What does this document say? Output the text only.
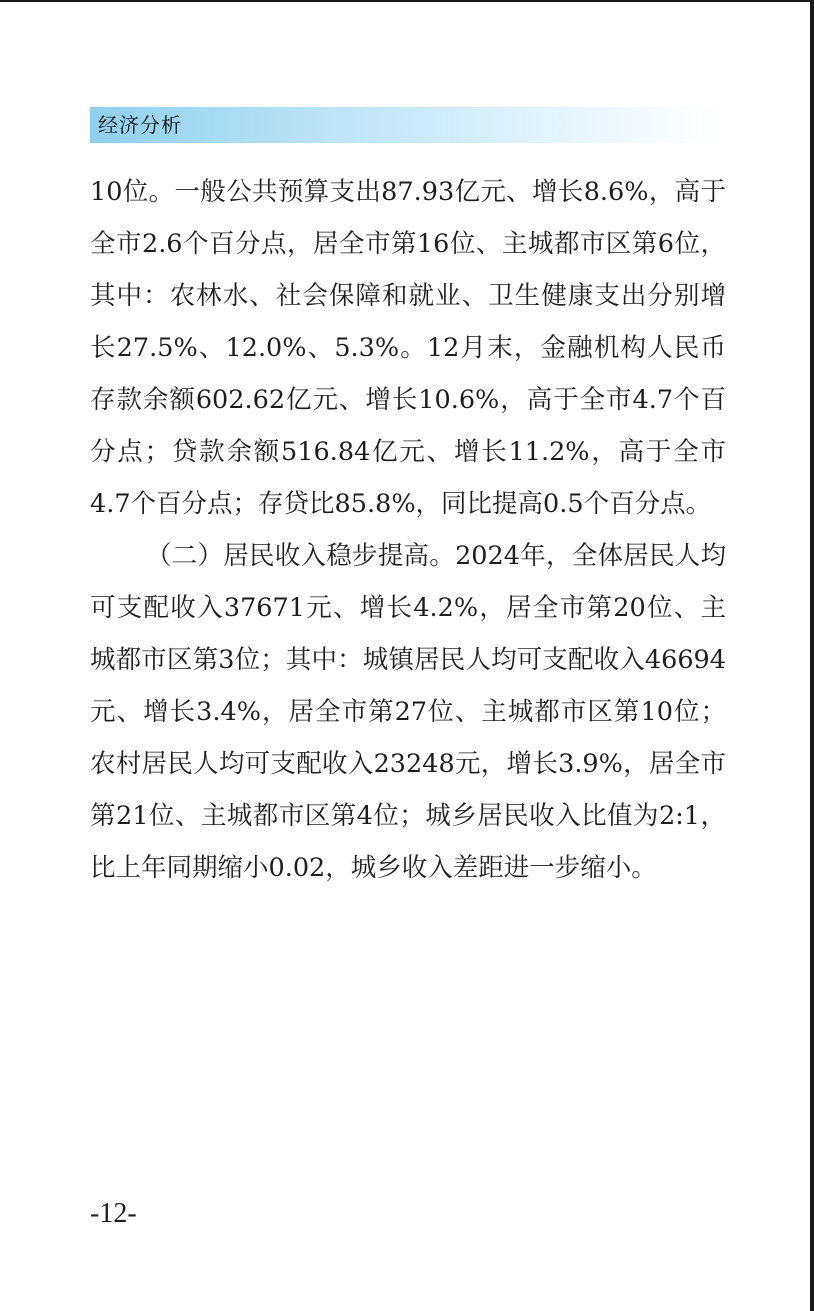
经济分析

10位。一般公共预算支出87.93亿元、增长8.6%，高于全市2.6个百分点，居全市第16位、主城都市区第6位，其中：农林水、社会保障和就业、卫生健康支出分别增长27.5%、12.0%、5.3%。12月末，金融机构人民币存款余额602.62亿元、增长10.6%，高于全市4.7个百分点；贷款余额516.84亿元、增长11.2%，高于全市4.7个百分点；存贷比85.8%，同比提高0.5个百分点。

（二）居民收入稳步提高。2024年，全体居民人均可支配收入37671元、增长4.2%，居全市第20位、主城都市区第3位；其中：城镇居民人均可支配收入46694元、增长3.4%，居全市第27位、主城都市区第10位；农村居民人均可支配收入23248元，增长3.9%，居全市第21位、主城都市区第4位；城乡居民收入比值为2:1，比上年同期缩小0.02，城乡收入差距进一步缩小。

-12-
